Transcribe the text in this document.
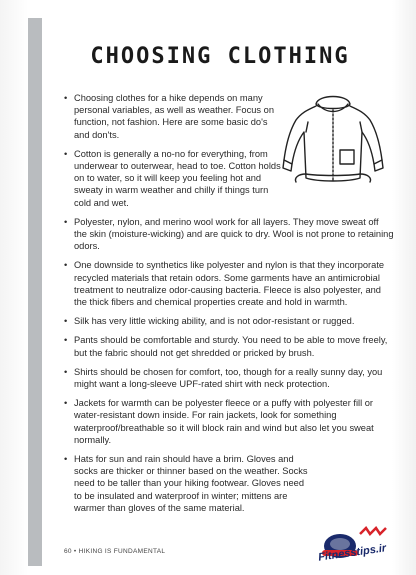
CHOOSING CLOTHING
• Choosing clothes for a hike depends on many personal variables, as well as weather. Focus on function, not fashion. Here are some basic do's and don'ts.
• Cotton is generally a no-no for everything, from underwear to outerwear, head to toe. Cotton holds on to water, so it will keep you feeling hot and sweaty in warm weather and chilly if things turn cold and wet.
• Polyester, nylon, and merino wool work for all layers. They move sweat off the skin (moisture-wicking) and are quick to dry. Wool is not prone to retaining odors.
• One downside to synthetics like polyester and nylon is that they incorporate recycled materials that retain odors. Some garments have an antimicrobial treatment to neutralize odor-causing bacteria. Fleece is also polyester, and the thick fibers and chemical properties create and hold in warmth.
• Silk has very little wicking ability, and is not odor-resistant or rugged.
• Pants should be comfortable and sturdy. You need to be able to move freely, but the fabric should not get shredded or pricked by brush.
• Shirts should be chosen for comfort, too, though for a really sunny day, you might want a long-sleeve UPF-rated shirt with neck protection.
• Jackets for warmth can be polyester fleece or a puffy with polyester fill or water-resistant down inside. For rain jackets, look for something waterproof/breathable so it will block rain and wind but also let you sweat normally.
• Hats for sun and rain should have a brim. Gloves and socks are thicker or thinner based on the weather. Socks need to be taller than your hiking footwear. Gloves need to be insulated and waterproof in winter; mittens are warmer than gloves of the same material.
60 • HIKING IS FUNDAMENTAL	Fitnesstips.ir
